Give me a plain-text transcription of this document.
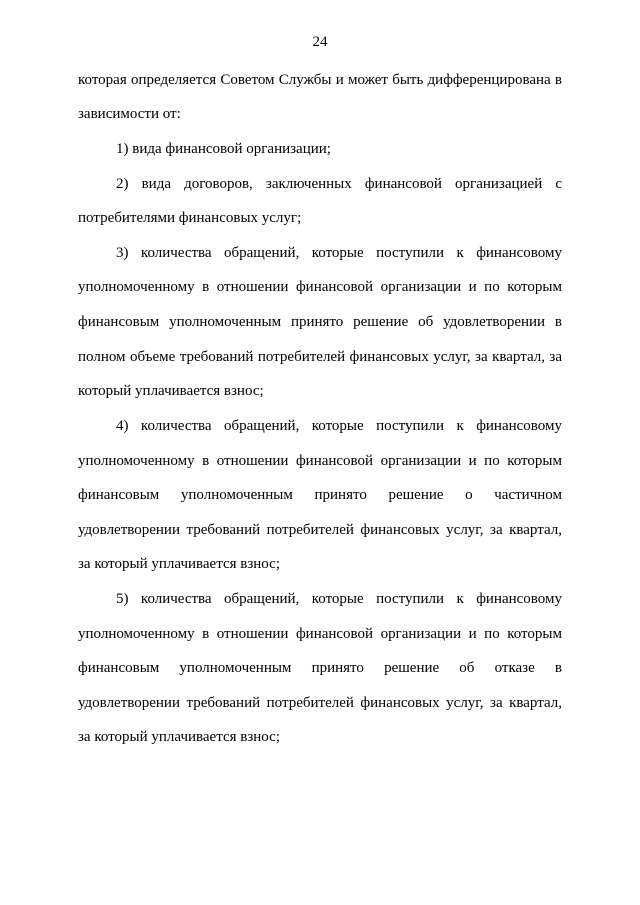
24
которая определяется Советом Службы и может быть дифференцирована в
зависимости от:
1) вида финансовой организации;
2) вида договоров, заключенных финансовой организацией с
потребителями финансовых услуг;
3) количества обращений, которые поступили к финансовому
уполномоченному в отношении финансовой организации и по которым
финансовым уполномоченным принято решение об удовлетворении в
полном объеме требований потребителей финансовых услуг, за квартал, за
который уплачивается взнос;
4) количества обращений, которые поступили к финансовому
уполномоченному в отношении финансовой организации и по которым
финансовым уполномоченным принято решение о частичном
удовлетворении требований потребителей финансовых услуг, за квартал,
за который уплачивается взнос;
5) количества обращений, которые поступили к финансовому
уполномоченному в отношении финансовой организации и по которым
финансовым уполномоченным принято решение об отказе в
удовлетворении требований потребителей финансовых услуг, за квартал,
за который уплачивается взнос;
